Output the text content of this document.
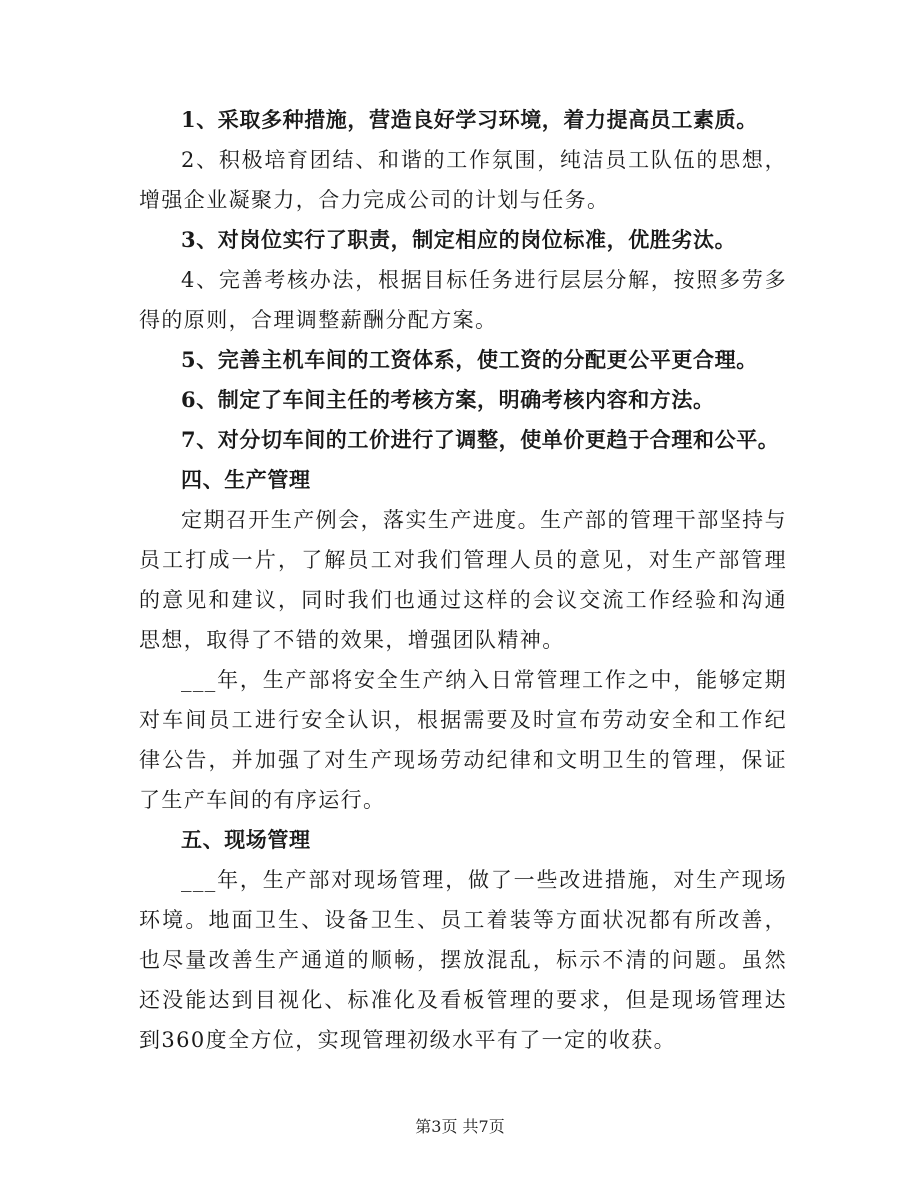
1、采取多种措施，营造良好学习环境，着力提高员工素质。

2、积极培育团结、和谐的工作氛围，纯洁员工队伍的思想，增强企业凝聚力，合力完成公司的计划与任务。

3、对岗位实行了职责，制定相应的岗位标准，优胜劣汰。

4、完善考核办法，根据目标任务进行层层分解，按照多劳多得的原则，合理调整薪酬分配方案。

5、完善主机车间的工资体系，使工资的分配更公平更合理。

6、制定了车间主任的考核方案，明确考核内容和方法。

7、对分切车间的工价进行了调整，使单价更趋于合理和公平。

四、生产管理

定期召开生产例会，落实生产进度。生产部的管理干部坚持与员工打成一片，了解员工对我们管理人员的意见，对生产部管理的意见和建议，同时我们也通过这样的会议交流工作经验和沟通思想，取得了不错的效果，增强团队精神。

___年，生产部将安全生产纳入日常管理工作之中，能够定期对车间员工进行安全认识，根据需要及时宣布劳动安全和工作纪律公告，并加强了对生产现场劳动纪律和文明卫生的管理，保证了生产车间的有序运行。

五、现场管理

___年，生产部对现场管理，做了一些改进措施，对生产现场环境。地面卫生、设备卫生、员工着装等方面状况都有所改善，也尽量改善生产通道的顺畅，摆放混乱，标示不清的问题。虽然还没能达到目视化、标准化及看板管理的要求，但是现场管理达到360度全方位，实现管理初级水平有了一定的收获。

第3页 共7页
